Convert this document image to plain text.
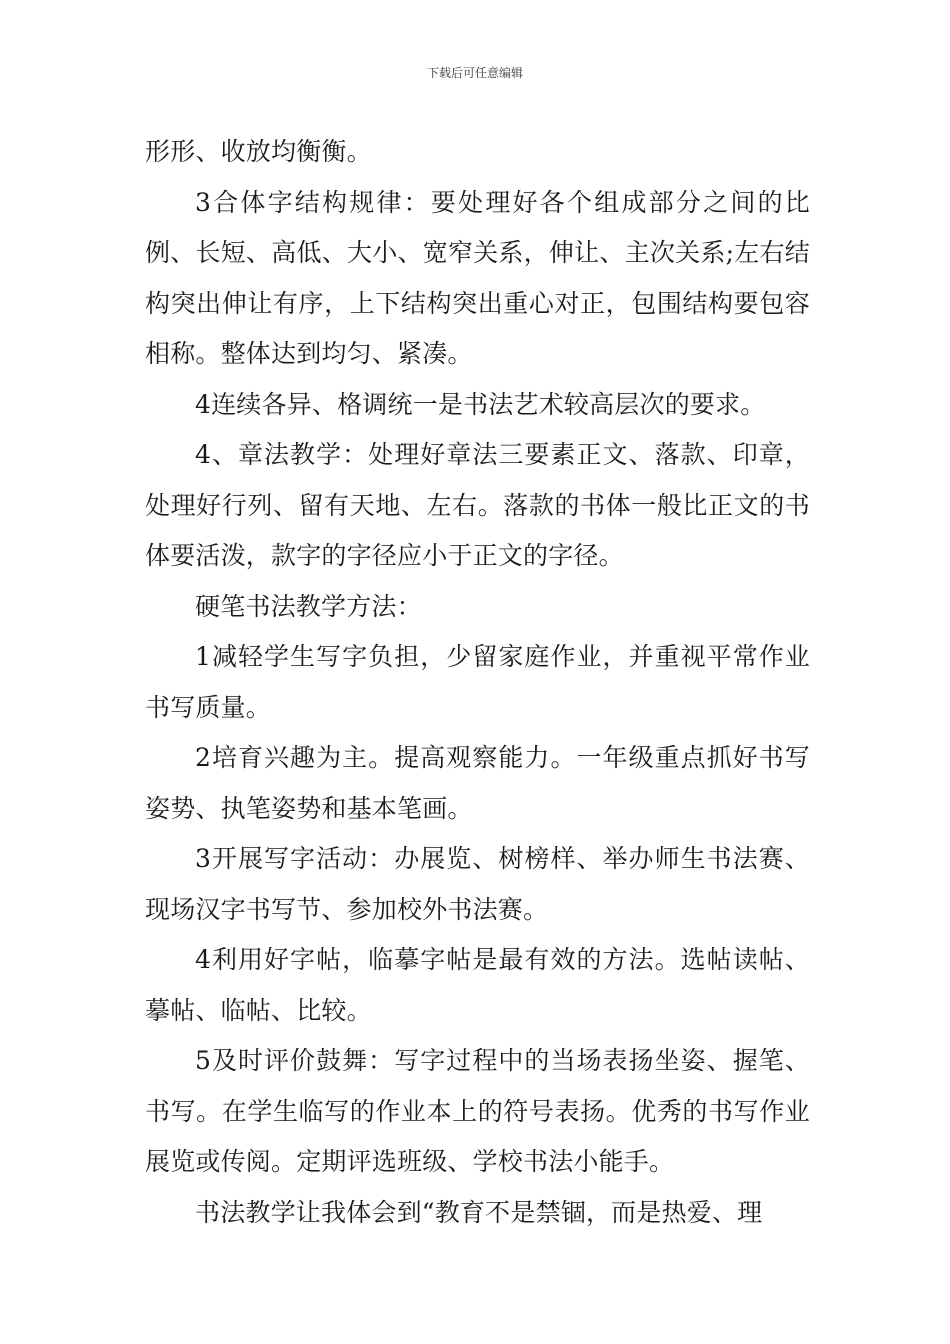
下载后可任意编辑

形形、收放均衡衡。

3合体字结构规律：要处理好各个组成部分之间的比例、长短、高低、大小、宽窄关系，伸让、主次关系;左右结构突出伸让有序，上下结构突出重心对正，包围结构要包容相称。整体达到均匀、紧凑。

4连续各异、格调统一是书法艺术较高层次的要求。

4、章法教学：处理好章法三要素正文、落款、印章，处理好行列、留有天地、左右。落款的书体一般比正文的书体要活泼，款字的字径应小于正文的字径。

硬笔书法教学方法：

1减轻学生写字负担，少留家庭作业，并重视平常作业书写质量。

2培育兴趣为主。提高观察能力。一年级重点抓好书写姿势、执笔姿势和基本笔画。

3开展写字活动：办展览、树榜样、举办师生书法赛、现场汉字书写节、参加校外书法赛。

4利用好字帖，临摹字帖是最有效的方法。选帖读帖、摹帖、临帖、比较。

5及时评价鼓舞：写字过程中的当场表扬坐姿、握笔、书写。在学生临写的作业本上的符号表扬。优秀的书写作业展览或传阅。定期评选班级、学校书法小能手。

书法教学让我体会到“教育不是禁锢，而是热爱、理
